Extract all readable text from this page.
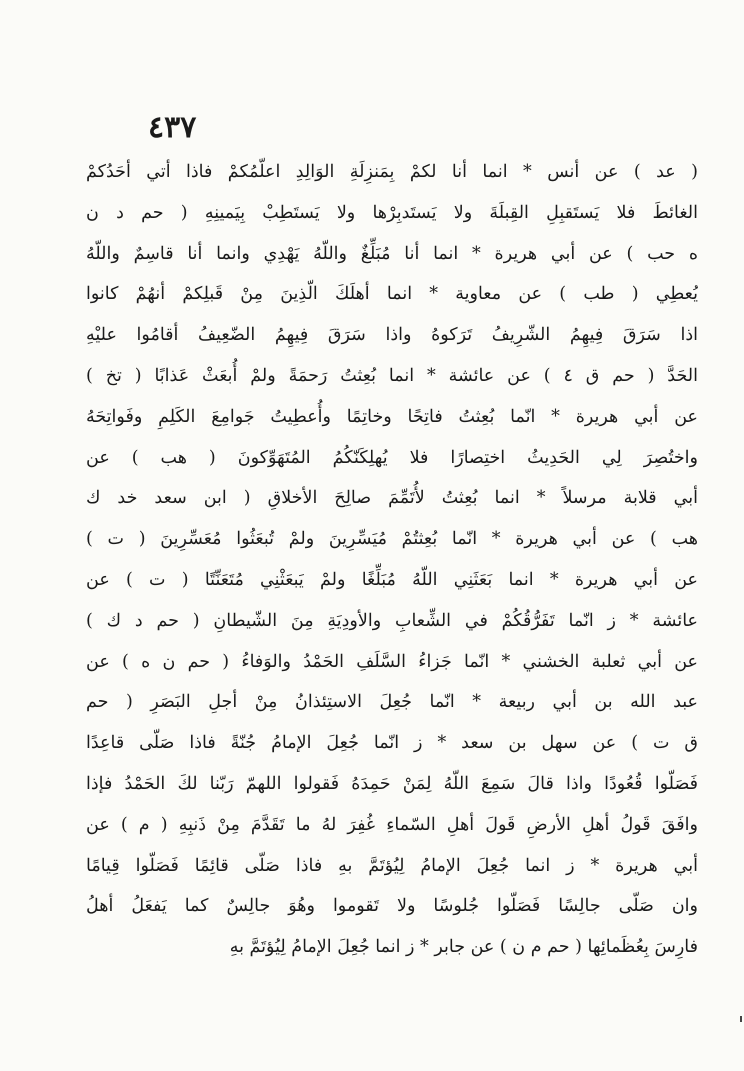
٤٣٧
( عد ) عن أنس * انما أنا لكمْ بِمَنزِلَةِ الوَالِدِ اعلّمُكمْ فاذا أتي أحَدُكمْ
الغائطَ فلا يَستَقبِلِ القِبلَةَ ولا يَستَدبِرْها ولا يَستَطِبْ بِيَمينِهِ ( حم د ن
ه حب ) عن أبي هريرة * انما أنا مُبَلِّغٌ واللّهُ يَهْدِي وانما أنا قاسِمٌ واللّهُ
يُعطِي ( طب ) عن معاوية * انما أهلَكَ الّذِينَ مِنْ قَبلِكمْ أنهُمْ كانوا
اذا سَرَقَ فِيهِمُ الشّرِيفُ تَرَكوهُ واذا سَرَقَ فِيهِمُ الضّعِيفُ أقامُوا عليْهِ
الحَدَّ ( حم ق ٤ ) عن عائشة * انما بُعِثتُ رَحمَةً ولمْ أُبعَثْ عَذابًا ( تخ )
عن أبي هريرة * انّما بُعِثتُ فاتِحًا وخاتِمًا وأُعطِيتُ جَوامِعَ الكَلِمِ وفَواتِحَهُ
واختُصِرَ لِي الحَدِيثُ اختِصارًا فلا يُهلِكَنّكُمُ المُتَهَوِّكونَ ( هب ) عن
أبي قلابة مرسلاً * انما بُعِثتُ لأُتَمِّمَ صالِحَ الأخلاقِ ( ابن سعد خد ك
هب ) عن أبي هريرة * انّما بُعِثتُمْ مُيَسِّرِينَ ولمْ تُبعَثُوا مُعَسِّرِينَ ( ت )
عن أبي هريرة * انما بَعَثَنِي اللّهُ مُبَلِّغًا ولمْ يَبعَثْنِي مُتَعَنِّتًا ( ت ) عن
عائشة * ز انّما تَفَرُّقُكُمْ في الشِّعابِ والأودِيَةِ مِنَ الشّيطانِ ( حم د ك )
عن أبي ثعلبة الخشني * انّما جَزاءُ السَّلَفِ الحَمْدُ والوَفاءُ ( حم ن ه ) عن
عبد الله بن أبي ربيعة * انّما جُعِلَ الاستِئذانُ مِنْ أجلِ البَصَرِ ( حم
ق ت ) عن سهل بن سعد * ز انّما جُعِلَ الإمامُ جُنّةً فاذا صَلّى قاعِدًا
فَصَلّوا قُعُودًا واذا قالَ سَمِعَ اللّهُ لِمَنْ حَمِدَهُ فَقولوا اللهمّ رَبّنا لكَ الحَمْدُ فإذا
وافَقَ قَولُ أهلِ الأرضِ قَولَ أهلِ السّماءِ غُفِرَ لهُ ما تَقَدَّمَ مِنْ ذَنبِهِ ( م ) عن
أبي هريرة * ز انما جُعِلَ الإمامُ لِيُؤتَمَّ بهِ فاذا صَلّى قائِمًا فَصَلّوا قِيامًا
وان صَلّى جالِسًا فَصَلّوا جُلوسًا ولا تَقوموا وهُوَ جالِسٌ كما يَفعَلُ أهلُ
فارِسَ بِعُظَمائِها ( حم م ن ) عن جابر * ز انما جُعِلَ الإمامُ لِيُؤتَمَّ بهِ
